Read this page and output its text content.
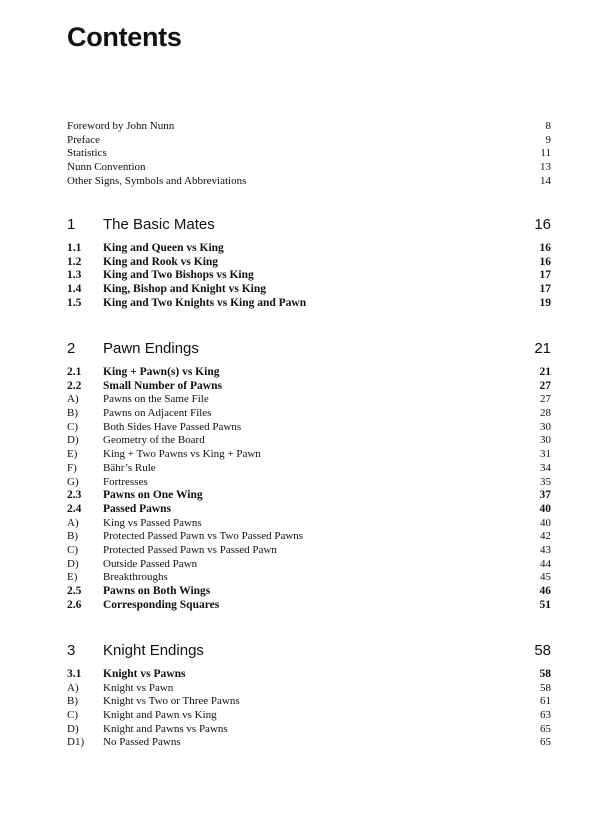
Contents
Foreword by John Nunn	8
Preface	9
Statistics	11
Nunn Convention	13
Other Signs, Symbols and Abbreviations	14
1	The Basic Mates	16
1.1	King and Queen vs King	16
1.2	King and Rook vs King	16
1.3	King and Two Bishops vs King	17
1.4	King, Bishop and Knight vs King	17
1.5	King and Two Knights vs King and Pawn	19
2	Pawn Endings	21
2.1	King + Pawn(s) vs King	21
2.2	Small Number of Pawns	27
A)	Pawns on the Same File	27
B)	Pawns on Adjacent Files	28
C)	Both Sides Have Passed Pawns	30
D)	Geometry of the Board	30
E)	King + Two Pawns vs King + Pawn	31
F)	Bähr’s Rule	34
G)	Fortresses	35
2.3	Pawns on One Wing	37
2.4	Passed Pawns	40
A)	King vs Passed Pawns	40
B)	Protected Passed Pawn vs Two Passed Pawns	42
C)	Protected Passed Pawn vs Passed Pawn	43
D)	Outside Passed Pawn	44
E)	Breakthroughs	45
2.5	Pawns on Both Wings	46
2.6	Corresponding Squares	51
3	Knight Endings	58
3.1	Knight vs Pawns	58
A)	Knight vs Pawn	58
B)	Knight vs Two or Three Pawns	61
C)	Knight and Pawn vs King	63
D)	Knight and Pawns vs Pawns	65
D1)	No Passed Pawns	65
